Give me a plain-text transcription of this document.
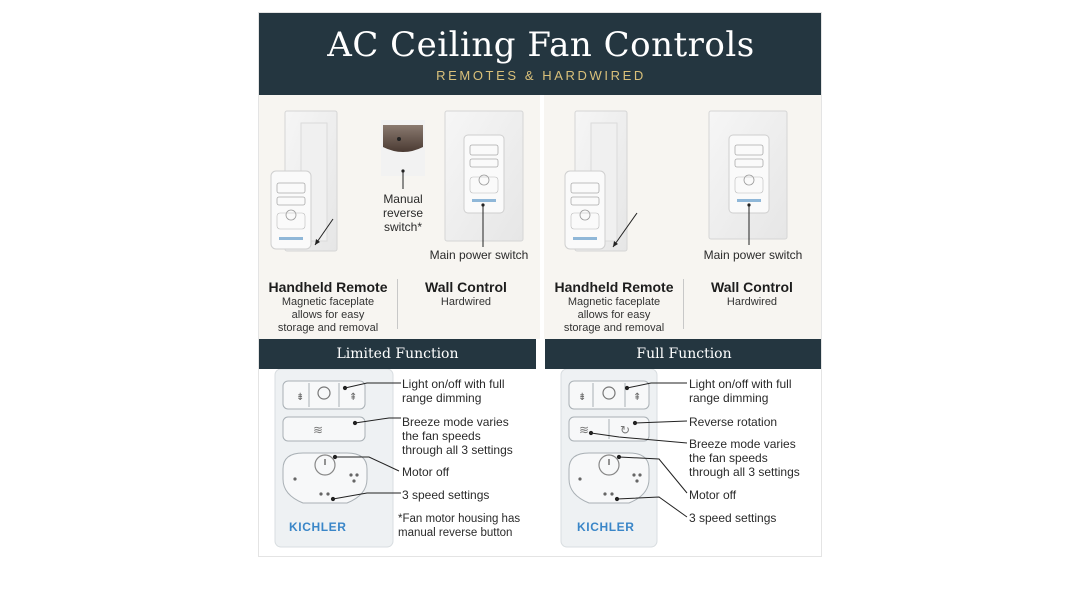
AC Ceiling Fan Controls
REMOTES & HARDWIRED
⇟	⇞
≋
⇟	⇞
≋	↻
KICHLER	KICHLER
Manual
reverse
switch*
Main power switch
Handheld Remote
Magnetic faceplate
allows for easy
storage and removal
Wall Control
Hardwired
Main power switch
Handheld Remote
Magnetic faceplate
allows for easy
storage and removal
Wall Control
Hardwired
Limited Function	Full Function
Light on/off with full
range dimming
Breeze mode varies
the fan speeds
through all 3 settings
Motor off
3 speed settings
*Fan motor housing has
manual reverse button
Light on/off with full
range dimming
Reverse rotation
Breeze mode varies
the fan speeds
through all 3 settings
Motor off
3 speed settings
